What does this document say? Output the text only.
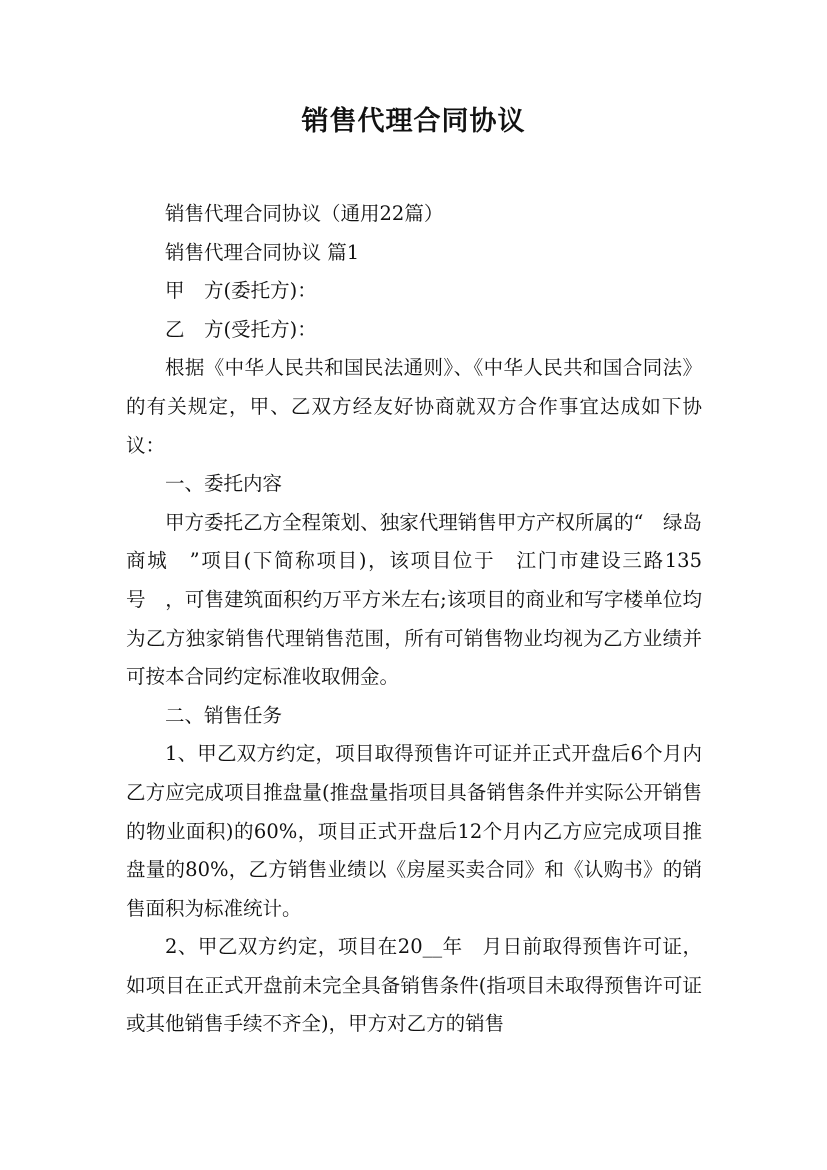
销售代理合同协议

销售代理合同协议（通用22篇）

销售代理合同协议 篇1

甲　方(委托方)：

乙　方(受托方)：

根据《中华人民共和国民法通则》、《中华人民共和国合同法》的有关规定，甲、乙双方经友好协商就双方合作事宜达成如下协议：

一、委托内容

甲方委托乙方全程策划、独家代理销售甲方产权所属的“　绿岛商城　”项目(下简称项目)，该项目位于　江门市建设三路135号　，可售建筑面积约万平方米左右;该项目的商业和写字楼单位均为乙方独家销售代理销售范围，所有可销售物业均视为乙方业绩并可按本合同约定标准收取佣金。

二、销售任务

1、甲乙双方约定，项目取得预售许可证并正式开盘后6个月内乙方应完成项目推盘量(推盘量指项目具备销售条件并实际公开销售的物业面积)的60%，项目正式开盘后12个月内乙方应完成项目推盘量的80%，乙方销售业绩以《房屋买卖合同》和《认购书》的销售面积为标准统计。

2、甲乙双方约定，项目在20__年　月日前取得预售许可证，如项目在正式开盘前未完全具备销售条件(指项目未取得预售许可证或其他销售手续不齐全)，甲方对乙方的销售
